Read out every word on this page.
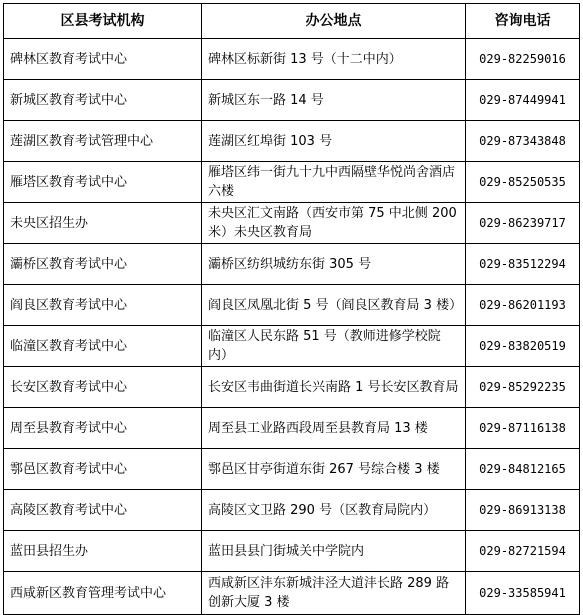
区县考试机构	办公地点	咨询电话
碑林区教育考试中心	碑林区标新街 13 号（十二中内）	029-82259016
新城区教育考试中心	新城区东一路 14 号	029-87449941
莲湖区教育考试管理中心	莲湖区红埠街 103 号	029-87343848
雁塔区教育考试中心	雁塔区纬一街九十九中西隔壁华悦尚舍酒店六楼	029-85250535
未央区招生办	未央区汇文南路（西安市第 75 中北侧 200 米）未央区教育局	029-86239717
灞桥区教育考试中心	灞桥区纺织城纺东街 305 号	029-83512294
阎良区教育考试中心	阎良区凤凰北街 5 号（阎良区教育局 3 楼）	029-86201193
临潼区教育考试中心	临潼区人民东路 51 号（教师进修学校院内）	029-83820519
长安区教育考试中心	长安区韦曲街道长兴南路 1 号长安区教育局	029-85292235
周至县教育考试中心	周至县工业路西段周至县教育局 13 楼	029-87116138
鄠邑区教育考试中心	鄠邑区甘亭街道东街 267 号综合楼 3 楼	029-84812165
高陵区教育考试中心	高陵区文卫路 290 号（区教育局院内）	029-86913138
蓝田县招生办	蓝田县县门街城关中学院内	029-82721594
西咸新区教育管理考试中心	西咸新区沣东新城沣泾大道沣长路 289 路创新大厦 3 楼	029-33585941
